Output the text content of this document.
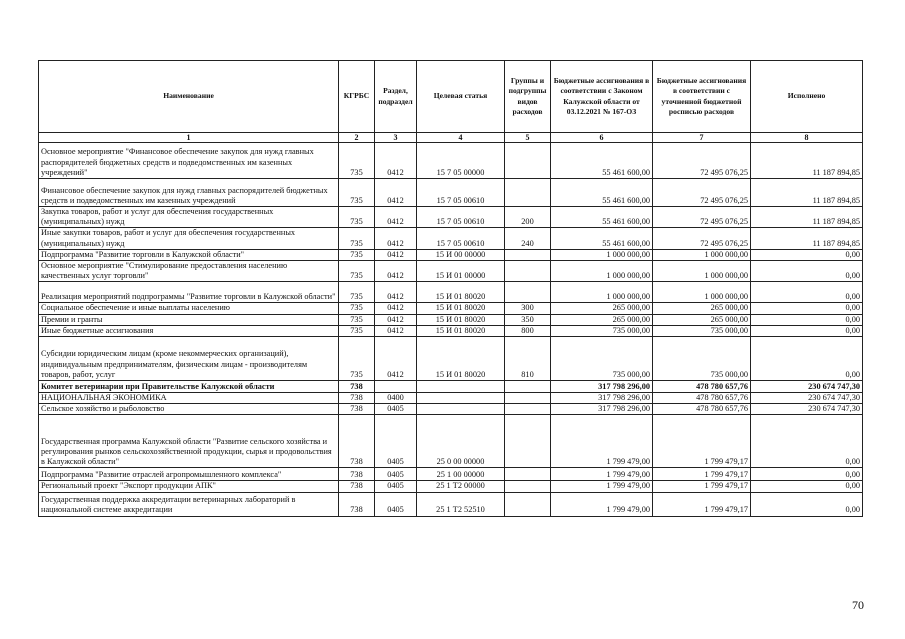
Наименование	КГРБС	Раздел, подраздел	Целевая статья	Группы и подгруппы видов расходов	Бюджетные ассигнования в соответствии с Законом Калужской области от 03.12.2021 № 167-ОЗ	Бюджетные ассигнования в соответствии с уточненной бюджетной росписью расходов	Исполнено
1	2	3	4	5	6	7	8
Основное мероприятие "Финансовое обеспечение закупок для нужд главных распорядителей бюджетных средств и подведомственных им казенных учреждений"	735	0412	15 7 05 00000		55 461 600,00	72 495 076,25	11 187 894,85
Финансовое обеспечение закупок для нужд главных распорядителей бюджетных средств и подведомственных им казенных учреждений	735	0412	15 7 05 00610		55 461 600,00	72 495 076,25	11 187 894,85
Закупка товаров, работ и услуг для обеспечения государственных (муниципальных) нужд	735	0412	15 7 05 00610	200	55 461 600,00	72 495 076,25	11 187 894,85
Иные закупки товаров, работ и услуг для обеспечения государственных (муниципальных) нужд	735	0412	15 7 05 00610	240	55 461 600,00	72 495 076,25	11 187 894,85
Подпрограмма "Развитие торговли в Калужской области"	735	0412	15 И 00 00000		1 000 000,00	1 000 000,00	0,00
Основное мероприятие "Стимулирование предоставления населению качественных услуг торговли"	735	0412	15 И 01 00000		1 000 000,00	1 000 000,00	0,00
Реализация мероприятий подпрограммы "Развитие торговли в Калужской области"	735	0412	15 И 01 80020		1 000 000,00	1 000 000,00	0,00
Социальное обеспечение и иные выплаты населению	735	0412	15 И 01 80020	300	265 000,00	265 000,00	0,00
Премии и гранты	735	0412	15 И 01 80020	350	265 000,00	265 000,00	0,00
Иные бюджетные ассигнования	735	0412	15 И 01 80020	800	735 000,00	735 000,00	0,00
Субсидии юридическим лицам (кроме некоммерческих организаций), индивидуальным предпринимателям, физическим лицам - производителям товаров, работ, услуг	735	0412	15 И 01 80020	810	735 000,00	735 000,00	0,00
Комитет ветеринарии при Правительстве Калужской области	738				317 798 296,00	478 780 657,76	230 674 747,30
НАЦИОНАЛЬНАЯ ЭКОНОМИКА	738	0400			317 798 296,00	478 780 657,76	230 674 747,30
Сельское хозяйство и рыболовство	738	0405			317 798 296,00	478 780 657,76	230 674 747,30
Государственная программа Калужской области "Развитие сельского хозяйства и регулирования рынков сельскохозяйственной продукции, сырья и продовольствия в Калужской области"	738	0405	25 0 00 00000		1 799 479,00	1 799 479,17	0,00
Подпрограмма "Развитие отраслей агропромышленного комплекса"	738	0405	25 1 00 00000		1 799 479,00	1 799 479,17	0,00
Региональный проект "Экспорт продукции АПК"	738	0405	25 1 Т2 00000		1 799 479,00	1 799 479,17	0,00
Государственная поддержка аккредитации ветеринарных лабораторий в национальной системе аккредитации	738	0405	25 1 Т2 52510		1 799 479,00	1 799 479,17	0,00
70
